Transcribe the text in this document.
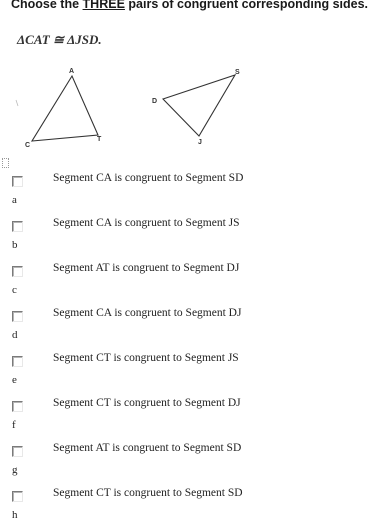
Choose the THREE pairs of congruent corresponding sides.
ΔCAT ≅ ΔJSD.
A
C
T
S
D
J
Segment CA is congruent to Segment SD
a
Segment CA is congruent to Segment JS
b
Segment AT is congruent to Segment DJ
c
Segment CA is congruent to Segment DJ
d
Segment CT is congruent to Segment JS
e
Segment CT is congruent to Segment DJ
f
Segment AT is congruent to Segment SD
g
Segment CT is congruent to Segment SD
h
